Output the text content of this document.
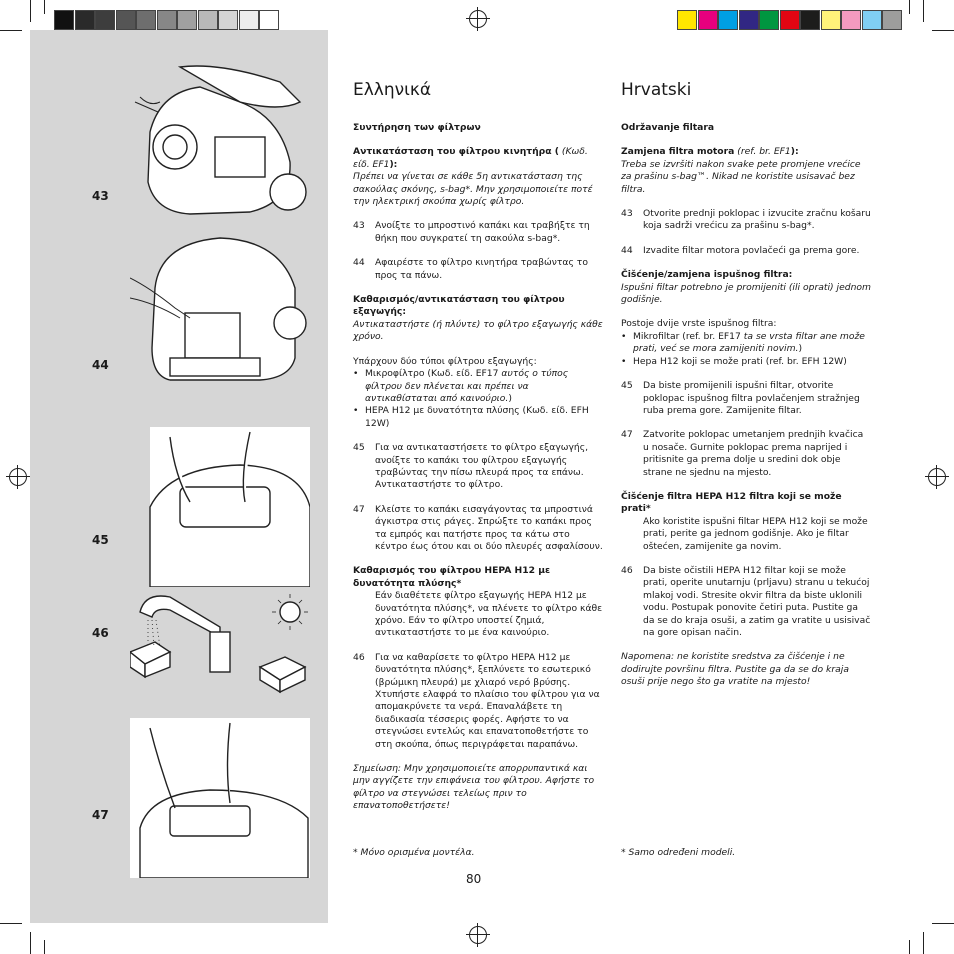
43
44
45
46
47
Ελληνικά

Συντήρηση των φίλτρων

Αντικατάσταση του φίλτρου κινητήρα ( (Κωδ. είδ. EF1):

Πρέπει να γίνεται σε κάθε 5η αντικατάσταση της σακούλας σκόνης, s-bag*. Μην χρησιμοποιείτε ποτέ την ηλεκτρική σκούπα χωρίς φίλτρο.

43	Ανοίξτε το μπροστινό καπάκι και τραβήξτε τη θήκη που συγκρατεί τη σακούλα s-bag*.
44	Αφαιρέστε το φίλτρο κινητήρα τραβώντας το προς τα πάνω.

Καθαρισμός/αντικατάσταση του φίλτρου εξαγωγής:

Αντικαταστήστε (ή πλύντε) το φίλτρο εξαγωγής κάθε χρόνο.

Υπάρχουν δύο τύποι φίλτρου εξαγωγής:

• Μικροφίλτρο (Κωδ. είδ. EF17 αυτός ο τύπος φίλτρου δεν πλένεται και πρέπει να αντικαθίσταται από καινούριο.)
• HEPA H12 με δυνατότητα πλύσης (Κωδ. είδ. EFH 12W)
45	Για να αντικαταστήσετε το φίλτρο εξαγωγής, ανοίξτε το καπάκι του φίλτρου εξαγωγής τραβώντας την πίσω πλευρά προς τα επάνω. Αντικαταστήστε το φίλτρο.
47	Κλείστε το καπάκι εισαγάγοντας τα μπροστινά άγκιστρα στις ράγες. Σπρώξτε το καπάκι προς τα εμπρός και πατήστε προς τα κάτω στο κέντρο έως ότου και οι δύο πλευρές ασφαλίσουν.

Καθαρισμός του φίλτρου HEPA H12 με δυνατότητα πλύσης*

Εάν διαθέτετε φίλτρο εξαγωγής HEPA H12 με δυνατότητα πλύσης*, να πλένετε το φίλτρο κάθε χρόνο. Εάν το φίλτρο υποστεί ζημιά, αντικαταστήστε το με ένα καινούριο.

46	Για να καθαρίσετε το φίλτρο HEPA H12 με δυνατότητα πλύσης*, ξεπλύνετε το εσωτερικό (βρώμικη πλευρά) με χλιαρό νερό βρύσης. Χτυπήστε ελαφρά το πλαίσιο του φίλτρου για να απομακρύνετε τα νερά. Επαναλάβετε τη διαδικασία τέσσερις φορές. Αφήστε το να στεγνώσει εντελώς και επανατοποθετήστε το στη σκούπα, όπως περιγράφεται παραπάνω.

Σημείωση: Μην χρησιμοποιείτε απορρυπαντικά και μην αγγίζετε την επιφάνεια του φίλτρου. Αφήστε το φίλτρο να στεγνώσει τελείως πριν το επανατοποθετήσετε!

* Μόνο ορισμένα μοντέλα.

Hrvatski

Održavanje filtara

Zamjena filtra motora (ref. br. EF1):

Treba se izvršiti nakon svake pete promjene vrećice za prašinu s-bag™. Nikad ne koristite usisavač bez filtra.

43	Otvorite prednji poklopac i izvucite zračnu košaru koja sadrži vrećicu za prašinu s-bag*.
44	Izvadite filtar motora povlačeći ga prema gore.

Čišćenje/zamjena ispušnog filtra:

Ispušni filtar potrebno je promijeniti (ili oprati) jednom godišnje.

Postoje dvije vrste ispušnog filtra:

• Mikrofiltar (ref. br. EF17 ta se vrsta filtar ane može prati, već se mora zamijeniti novim.)
• Hepa H12 koji se može prati (ref. br. EFH 12W)
45	Da biste promijenili ispušni filtar, otvorite poklopac ispušnog filtra povlačenjem stražnjeg ruba prema gore. Zamijenite filtar.
47	Zatvorite poklopac umetanjem prednjih kvačica u nosače. Gurnite poklopac prema naprijed i pritisnite ga prema dolje u sredini dok obje strane ne sjednu na mjesto.

Čišćenje filtra HEPA H12 filtra koji se može prati*

Ako koristite ispušni filtar HEPA H12 koji se može prati, perite ga jednom godišnje. Ako je filtar oštećen, zamijenite ga novim.

46	Da biste očistili HEPA H12 filtar koji se može prati, operite unutarnju (prljavu) stranu u tekućoj mlakoj vodi. Stresite okvir filtra da biste uklonili vodu. Postupak ponovite četiri puta. Pustite ga da se do kraja osuši, a zatim ga vratite u usisivač na gore opisan način.

Napomena: ne koristite sredstva za čišćenje i ne dodirujte površinu filtra. Pustite ga da se do kraja osuši prije nego što ga vratite na mjesto!

* Samo određeni modeli.

80
